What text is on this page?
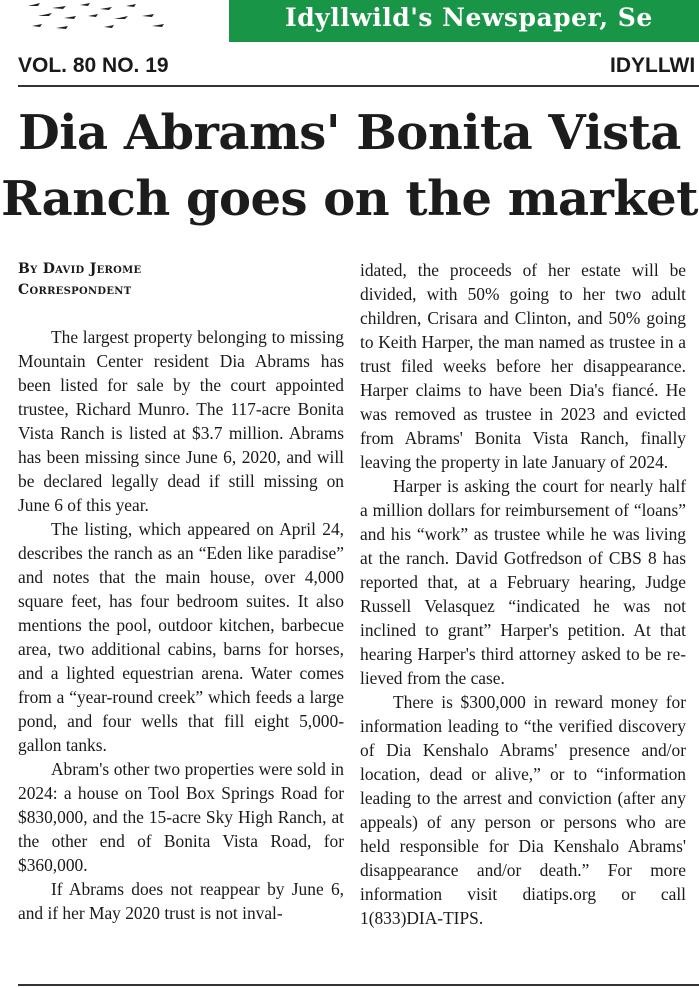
Idyllwild's Newspaper, Se
VOL. 80 NO. 19	IDYLLWI
Dia Abrams' Bonita Vista Ranch goes on the market
By David Jerome
Correspondent

The largest property belonging to missing Mountain Center resident Dia Abrams has been listed for sale by the court appointed trustee, Richard Munro. The 117-acre Bonita Vista Ranch is listed at $3.7 million. Abrams has been missing since June 6, 2020, and will be declared legally dead if still missing on June 6 of this year.

The listing, which appeared on April 24, describes the ranch as an “Eden like paradise” and notes that the main house, over 4,000 square feet, has four bedroom suites. It also mentions the pool, outdoor kitchen, barbecue area, two additional cabins, barns for horses, and a lighted equestrian arena. Water comes from a “year-round creek” which feeds a large pond, and four wells that fill eight 5,000-gallon tanks.

Abram's other two properties were sold in 2024: a house on Tool Box Springs Road for $830,000, and the 15-acre Sky High Ranch, at the other end of Bonita Vista Road, for $360,000.

If Abrams does not reappear by June 6, and if her May 2020 trust is not inval-

idated, the proceeds of her estate will be divided, with 50% going to her two adult children, Crisara and Clinton, and 50% going to Keith Harper, the man named as trustee in a trust filed weeks before her disappearance. Harper claims to have been Dia's fiancé. He was removed as trustee in 2023 and evicted from Abrams' Bonita Vista Ranch, finally leaving the property in late January of 2024.

Harper is asking the court for nearly half a million dollars for reimbursement of “loans” and his “work” as trustee while he was living at the ranch. David Gotfredson of CBS 8 has reported that, at a February hearing, Judge Russell Velasquez “indicated he was not inclined to grant” Harper's petition. At that hearing Harper's third attorney asked to be relieved from the case.

There is $300,000 in reward money for information leading to “the verified discovery of Dia Kenshalo Abrams' presence and/or location, dead or alive,” or to “information leading to the arrest and conviction (after any appeals) of any person or persons who are held responsible for Dia Kenshalo Abrams' disappearance and/or death.” For more information visit diatips.org or call 1(833)DIA-TIPS.
